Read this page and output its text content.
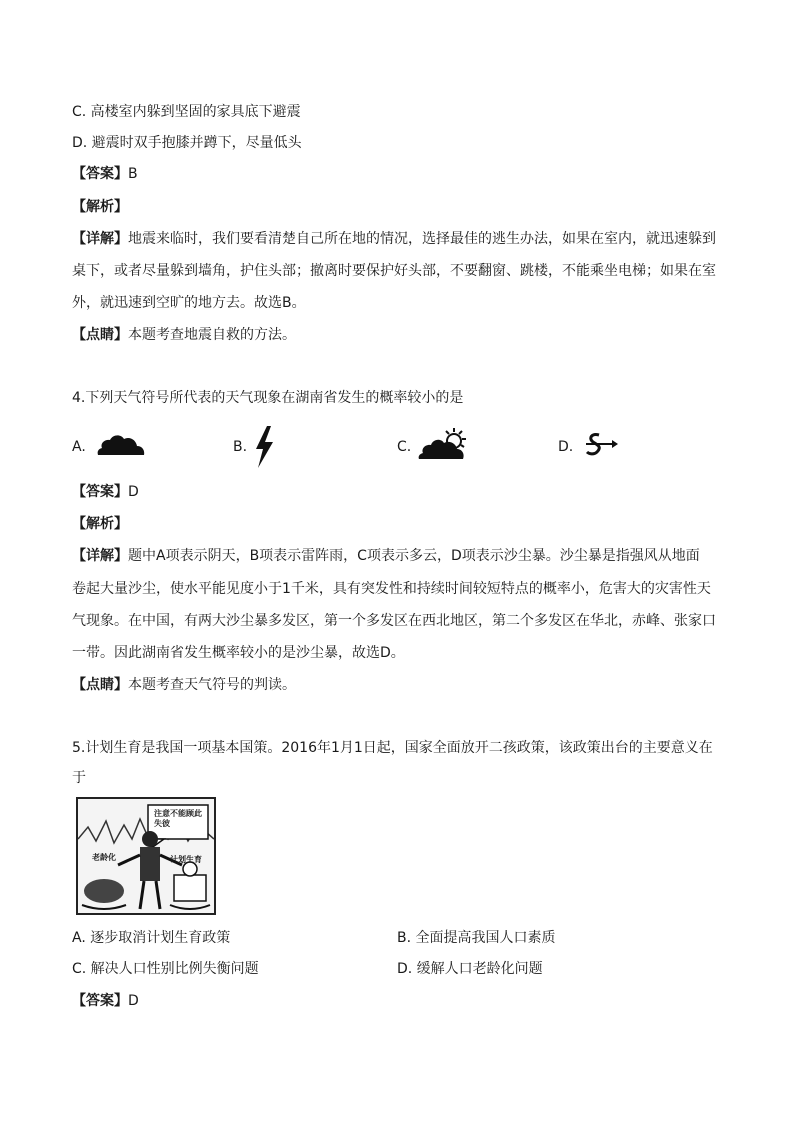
C. 高楼室内躲到坚固的家具底下避震
D. 避震时双手抱膝并蹲下，尽量低头
【答案】B
【解析】
【详解】地震来临时，我们要看清楚自己所在地的情况，选择最佳的逃生办法，如果在室内，就迅速躲到
桌下，或者尽量躲到墙角，护住头部；撤离时要保护好头部，不要翻窗、跳楼，不能乘坐电梯；如果在室
外，就迅速到空旷的地方去。故选B。
【点睛】本题考查地震自救的方法。
4.下列天气符号所代表的天气现象在湖南省发生的概率较小的是
A.	B.	C.	D.
【答案】D
【解析】
【详解】题中A项表示阴天，B项表示雷阵雨，C项表示多云，D项表示沙尘暴。沙尘暴是指强风从地面
卷起大量沙尘，使水平能见度小于1千米，具有突发性和持续时间较短特点的概率小，危害大的灾害性天
气现象。在中国，有两大沙尘暴多发区，第一个多发区在西北地区，第二个多发区在华北，赤峰、张家口
一带。因此湖南省发生概率较小的是沙尘暴，故选D。
【点睛】本题考查天气符号的判读。
5.计划生育是我国一项基本国策。2016年1月1日起，国家全面放开二孩政策，该政策出台的主要意义在
于
注意不能顾此失彼
老龄化	计划生育
A. 逐步取消计划生育政策	B. 全面提高我国人口素质
C. 解决人口性别比例失衡问题	D. 缓解人口老龄化问题
【答案】D
